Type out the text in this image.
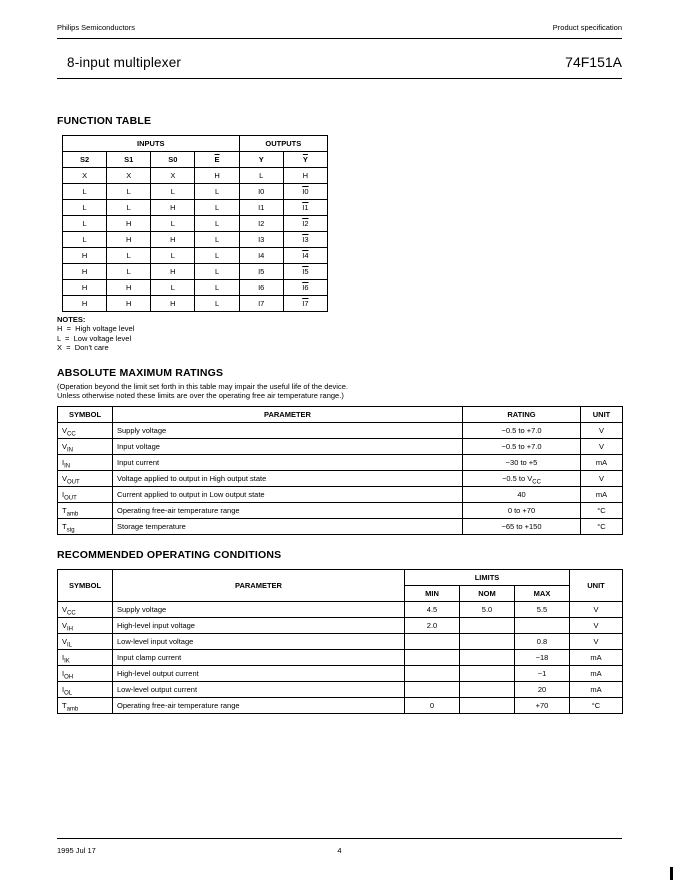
Philips Semiconductors	Product specification
8-input multiplexer	74F151A
FUNCTION TABLE
INPUTS				OUTPUTS	
S2	S1	S0	$\overline{E}$	Y	$\overline{Y}$
X	X	X	H	L	H
L	L	L	L	I0	I0
L	L	H	L	I1	I1
L	H	L	L	I2	I2
L	H	H	L	I3	I3
H	L	L	L	I4	I4
H	L	H	L	I5	I5
H	H	L	L	I6	I6
H	H	H	L	I7	I7
NOTES:
H  =  High voltage level
L  =  Low voltage level
X  =  Don't care
ABSOLUTE MAXIMUM RATINGS
(Operation beyond the limit set forth in this table may impair the useful life of the device.
Unless otherwise noted these limits are over the operating free air temperature range.)
SYMBOL	PARAMETER	RATING	UNIT
$V_{CC}$	Supply voltage	−0.5 to +7.0	V
$V_{IN}$	Input voltage	−0.5 to +7.0	V
$I_{IN}$	Input current	−30 to +5	mA
$V_{OUT}$	Voltage applied to output in High output state	−0.5 to $V_{CC}$	V
$I_{OUT}$	Current applied to output in Low output state	40	mA
$T_{amb}$	Operating free-air temperature range	0 to +70	°C
$T_{stg}$	Storage temperature	−65 to +150	°C
RECOMMENDED OPERATING CONDITIONS
SYMBOL	PARAMETER	LIMITS			UNIT
		MIN	NOM	MAX	
$V_{CC}$	Supply voltage	4.5	5.0	5.5	V
$V_{IH}$	High-level input voltage	2.0			V
$V_{IL}$	Low-level input voltage			0.8	V
$I_{IK}$	Input clamp current			−18	mA
$I_{OH}$	High-level output current			−1	mA
$I_{OL}$	Low-level output current			20	mA
$T_{amb}$	Operating free-air temperature range	0		+70	°C
1995 Jul 17	4
